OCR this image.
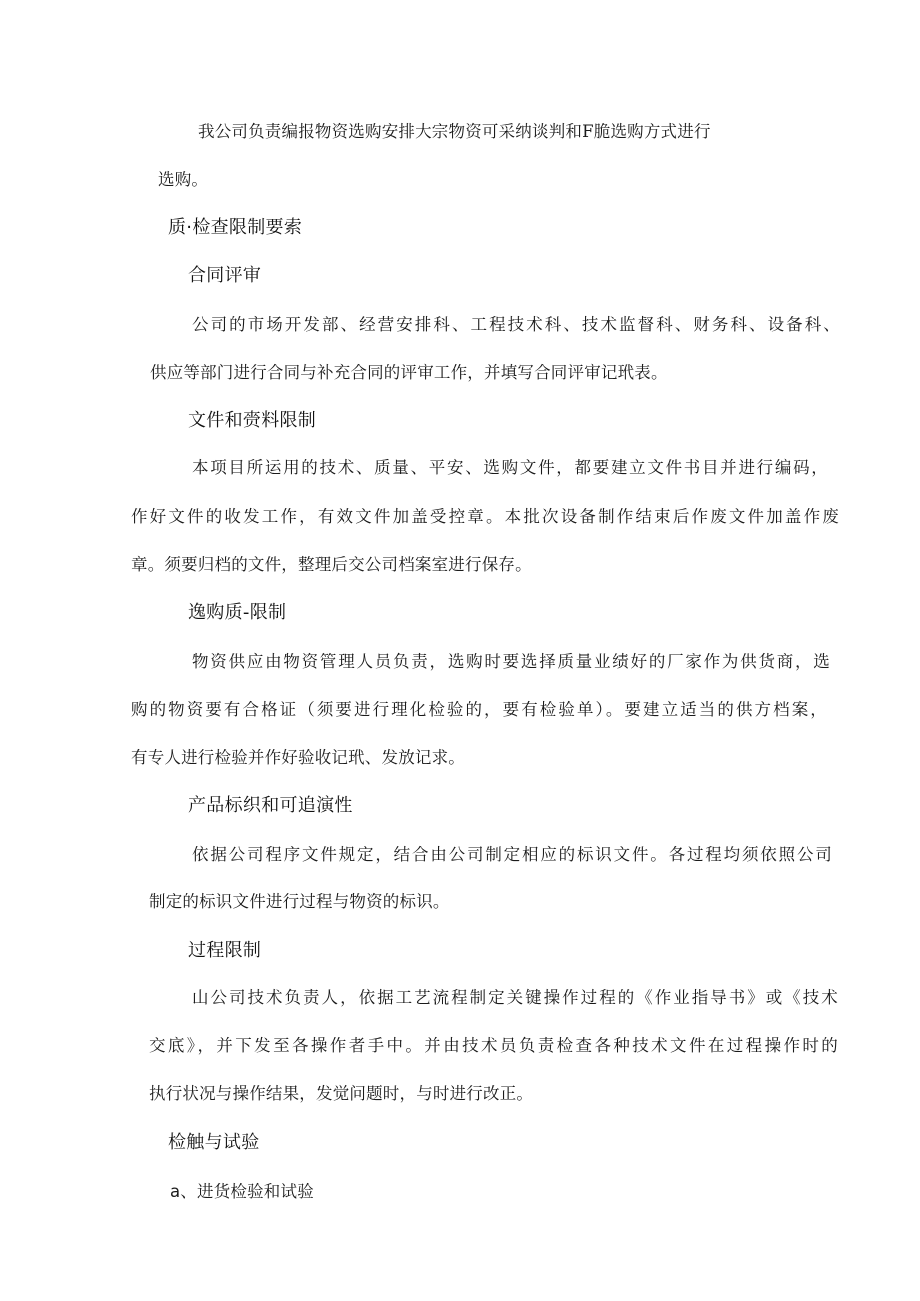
我公司负责编报物资选购安排大宗物资可采纳谈判和F脆选购方式进行
选购。
质·检查限制要索
合同评审
公司的市场开发部、经营安排科、工程技术科、技术监督科、财务科、设备科、
供应等部门进行合同与补充合同的评审工作，并填写合同评审记玳表。
文件和赍料限制
本项目所运用的技术、质量、平安、选购文件，都要建立文件书目并进行编码，
作好文件的收发工作，有效文件加盖受控章。本批次设备制作结束后作废文件加盖作废
章。须要归档的文件，整理后交公司档案室进行保存。
逸购质-限制
物资供应由物资管理人员负责，选购时要选择质量业绩好的厂家作为供货商，选
购的物资要有合格证（须要进行理化检验的，要有检验单）。要建立适当的供方档案，
有专人进行检验并作好验收记玳、发放记求。
产品标织和可追演性
依据公司程序文件规定，结合由公司制定相应的标识文件。各过程均须依照公司
制定的标识文件进行过程与物资的标识。
过程限制
山公司技术负责人，依据工艺流程制定关键操作过程的《作业指导书》或《技术
交底》，并下发至各操作者手中。并由技术员负责检查各种技术文件在过程操作时的
执行状况与操作结果，发觉问题时，与时进行改正。
检触与试验
a、进货检验和试验
